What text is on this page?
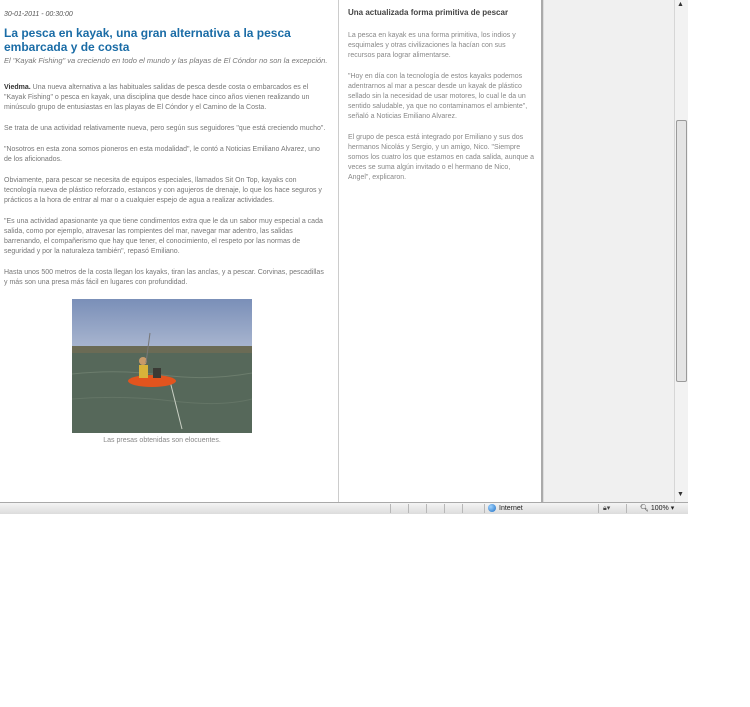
30-01-2011 - 00:30:00
La pesca en kayak, una gran alternativa a la pesca embarcada y de costa
El "Kayak Fishing" va creciendo en todo el mundo y las playas de El Cóndor no son la excepción.

Viedma. Una nueva alternativa a las habituales salidas de pesca desde costa o embarcados es el "Kayak Fishing" o pesca en kayak, una disciplina que desde hace cinco años vienen realizando un minúsculo grupo de entusiastas en las playas de El Cóndor y el Camino de la Costa.

Se trata de una actividad relativamente nueva, pero según sus seguidores "que está creciendo mucho".

"Nosotros en esta zona somos pioneros en esta modalidad", le contó a Noticias Emiliano Alvarez, uno de los aficionados.

Obviamente, para pescar se necesita de equipos especiales, llamados Sit On Top, kayaks con tecnología nueva de plástico reforzado, estancos y con agujeros de drenaje, lo que los hace seguros y prácticos a la hora de entrar al mar o a cualquier espejo de agua a realizar actividades.

"Es una actividad apasionante ya que tiene condimentos extra que le da un sabor muy especial a cada salida, como por ejemplo, atravesar las rompientes del mar, navegar mar adentro, las salidas barrenando, el compañerismo que hay que tener, el conocimiento, el respeto por las normas de seguridad y por la naturaleza también", repasó Emiliano.

Hasta unos 500 metros de la costa llegan los kayaks, tiran las anclas, y a pescar. Corvinas, pescadillas y más son una presa más fácil en lugares con profundidad.

Las presas obtenidas son elocuentes.
Una actualizada forma primitiva de pescar

La pesca en kayak es una forma primitiva, los indios y esquimales y otras civilizaciones la hacían con sus recursos para lograr alimentarse.

"Hoy en día con la tecnología de estos kayaks podemos adentrarnos al mar a pescar desde un kayak de plástico sellado sin la necesidad de usar motores, lo cual le da un sentido saludable, ya que no contaminamos el ambiente", señaló a Noticias Emiliano Alvarez.

El grupo de pesca está integrado por Emiliano y sus dos hermanos Nicolás y Sergio, y un amigo, Nico. "Siempre somos los cuatro los que estamos en cada salida, aunque a veces se suma algún invitado o el hermano de Nico, Angel", explicaron.

▲
▼
Internet	🔒︎▾	🔍︎ 100% ▾
